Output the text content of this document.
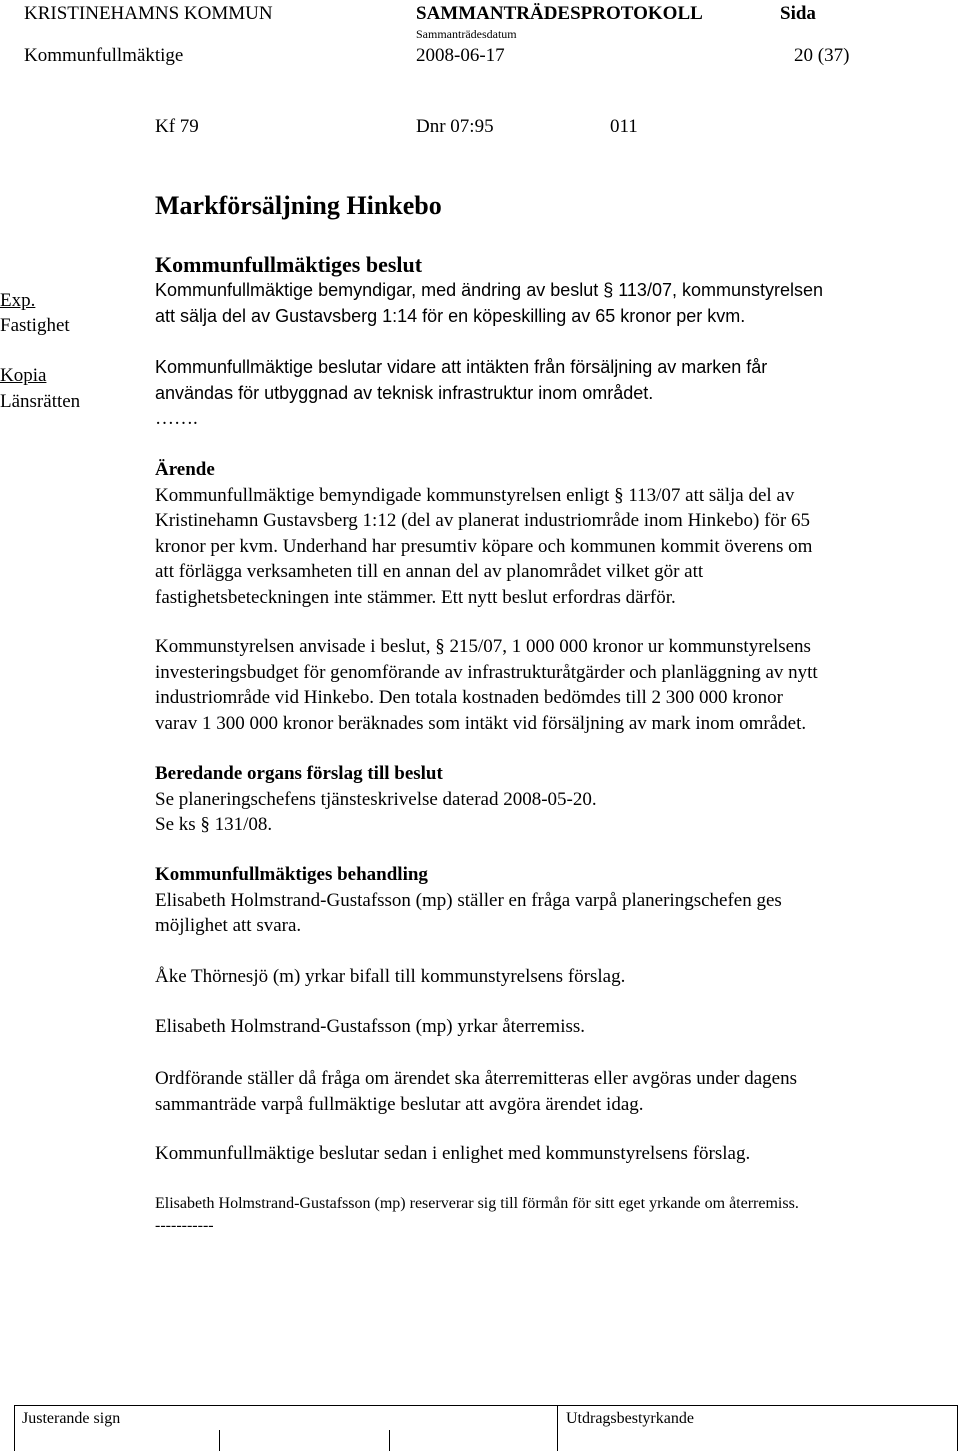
KRISTINEHAMNS KOMMUN	SAMMANTRÄDESPROTOKOLL	Sida
Sammanträdesdatum
Kommunfullmäktige	2008-06-17	20 (37)
Kf 79	Dnr 07:95	011
Markförsäljning Hinkebo
Exp.
Fastighet
Kopia
Länsrätten
Kommunfullmäktiges beslut
Kommunfullmäktige bemyndigar, med ändring av beslut § 113/07, kommunstyrelsen
att sälja del av Gustavsberg 1:14 för en köpeskilling av 65 kronor per kvm.
Kommunfullmäktige beslutar vidare att intäkten från försäljning av marken får
användas för utbyggnad av teknisk infrastruktur inom området.
…….
Ärende
Kommunfullmäktige bemyndigade kommunstyrelsen enligt § 113/07 att sälja del av
Kristinehamn Gustavsberg 1:12 (del av planerat industriområde inom Hinkebo) för 65
kronor per kvm. Underhand har presumtiv köpare och kommunen kommit överens om
att förlägga verksamheten till en annan del av planområdet vilket gör att
fastighetsbeteckningen inte stämmer. Ett nytt beslut erfordras därför.
Kommunstyrelsen anvisade i beslut, § 215/07, 1 000 000 kronor ur kommunstyrelsens
investeringsbudget för genomförande av infrastrukturåtgärder och planläggning av nytt
industriområde vid Hinkebo. Den totala kostnaden bedömdes till 2 300 000 kronor
varav 1 300 000 kronor beräknades som intäkt vid försäljning av mark inom området.
Beredande organs förslag till beslut
Se planeringschefens tjänsteskrivelse daterad 2008-05-20.
Se ks § 131/08.
Kommunfullmäktiges behandling
Elisabeth Holmstrand-Gustafsson (mp) ställer en fråga varpå planeringschefen ges
möjlighet att svara.
Åke Thörnesjö (m) yrkar bifall till kommunstyrelsens förslag.
Elisabeth Holmstrand-Gustafsson (mp) yrkar återremiss.
Ordförande ställer då fråga om ärendet ska återremitteras eller avgöras under dagens
sammanträde varpå fullmäktige beslutar att avgöra ärendet idag.
Kommunfullmäktige beslutar sedan i enlighet med kommunstyrelsens förslag.
Elisabeth Holmstrand-Gustafsson (mp) reserverar sig till förmån för sitt eget yrkande om återremiss.
-----------
Justerande sign	Utdragsbestyrkande
